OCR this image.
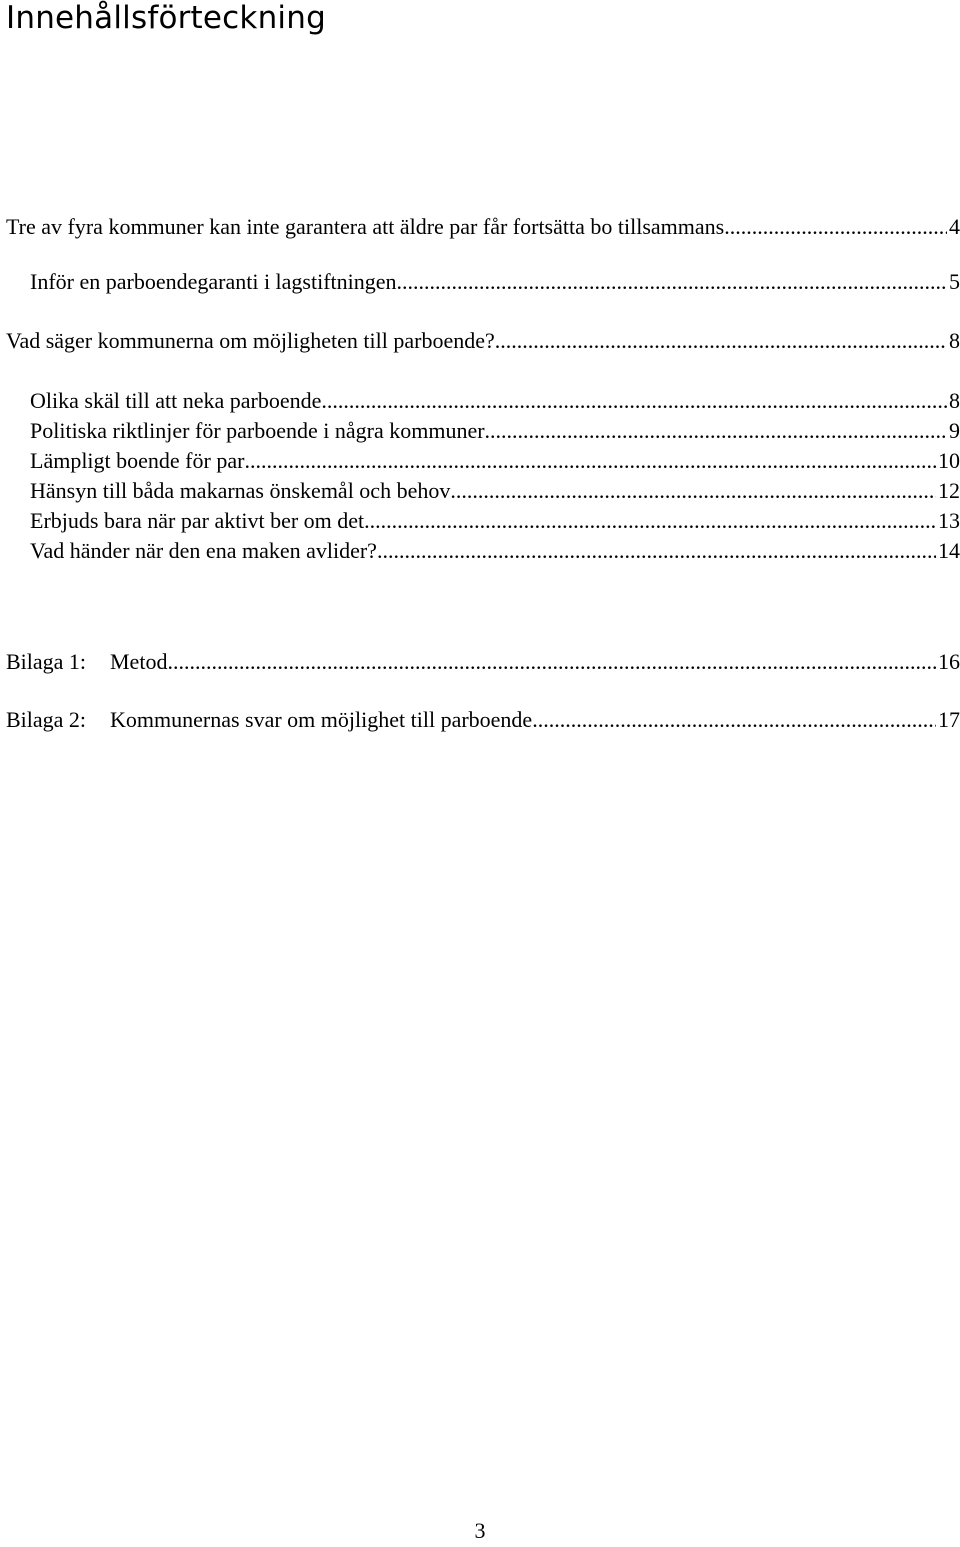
Innehållsförteckning
Tre av fyra kommuner kan inte garantera att äldre par får fortsätta bo tillsammans .....	4
Inför en parboendegaranti i lagstiftningen .....	5
Vad säger kommunerna om möjligheten till parboende? .....	8
Olika skäl till att neka parboende .....	8
Politiska riktlinjer för parboende i några kommuner .....	9
Lämpligt boende för par .....	10
Hänsyn till båda makarnas önskemål och behov .....	12
Erbjuds bara när par aktivt ber om det .....	13
Vad händer när den ena maken avlider? .....	14
Bilaga 1: Metod .....	16
Bilaga 2: Kommunernas svar om möjlighet till parboende .....	17
3
